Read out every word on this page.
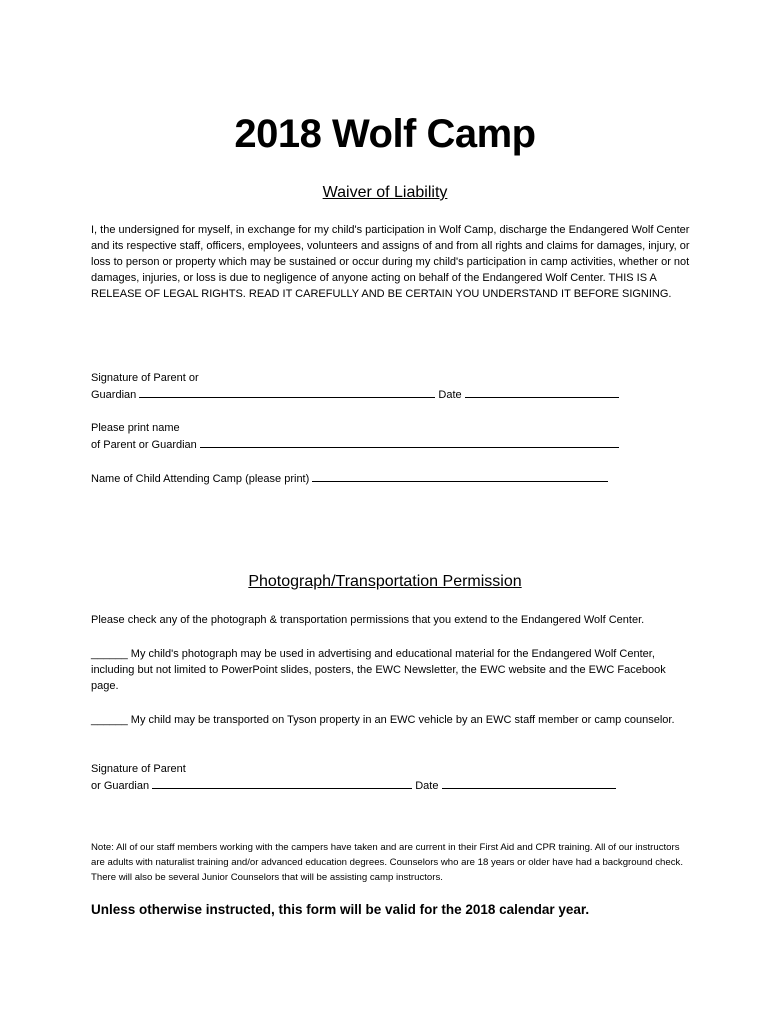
2018 Wolf Camp
Waiver of Liability
I, the undersigned for myself, in exchange for my child's participation in Wolf Camp, discharge the Endangered Wolf Center and its respective staff, officers, employees, volunteers and assigns of and from all rights and claims for damages, injury, or loss to person or property which may be sustained or occur during my child's participation in camp activities, whether or not damages, injuries, or loss is due to negligence of anyone acting on behalf of the Endangered Wolf Center. THIS IS A RELEASE OF LEGAL RIGHTS. READ IT CAREFULLY AND BE CERTAIN YOU UNDERSTAND IT BEFORE SIGNING.
Signature of Parent or
Guardian	Date
Please print name
of Parent or Guardian
Name of Child Attending Camp (please print)
Photograph/Transportation Permission
Please check any of the photograph & transportation permissions that you extend to the Endangered Wolf Center.
______ My child's photograph may be used in advertising and educational material for the Endangered Wolf Center, including but not limited to PowerPoint slides, posters, the EWC Newsletter, the EWC website and the EWC Facebook page.
______ My child may be transported on Tyson property in an EWC vehicle by an EWC staff member or camp counselor.
Signature of Parent
or Guardian	Date
Note: All of our staff members working with the campers have taken and are current in their First Aid and CPR training. All of our instructors are adults with naturalist training and/or advanced education degrees. Counselors who are 18 years or older have had a background check. There will also be several Junior Counselors that will be assisting camp instructors.
Unless otherwise instructed, this form will be valid for the 2018 calendar year.
